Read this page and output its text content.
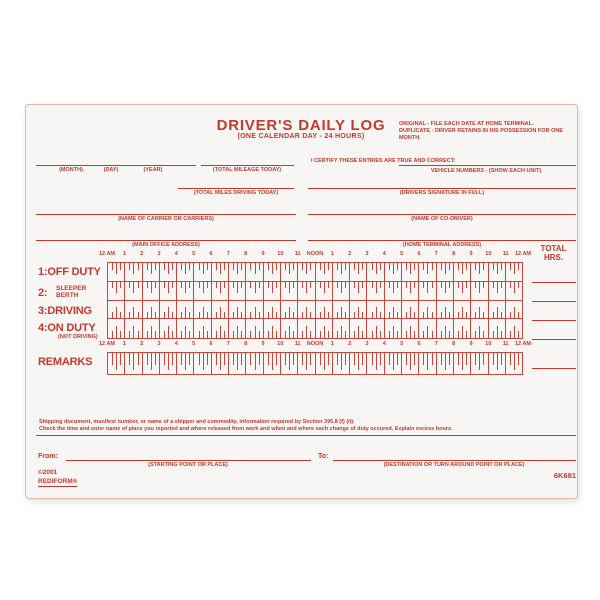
DRIVER'S DAILY LOG
(ONE CALENDAR DAY - 24 HOURS)
ORIGINAL - FILE EACH DATE AT HOME TERMINAL.
DUPLICATE - DRIVER RETAINS IN HIS POSSESSION FOR ONE MONTH.
(MONTH)	(DAY)	(YEAR)	(TOTAL MILEAGE TODAY)
I CERTIFY THESE ENTRIES ARE TRUE AND CORRECT:
VEHICLE NUMBERS - (SHOW EACH UNIT)
(TOTAL MILES DRIVING TODAY)	(DRIVERS SIGNATURE IN FULL)
(NAME OF CARRIER OR CARRIERS)	(NAME OF CO-DRIVER)
(MAIN OFFICE ADDRESS)	(HOME TERMINAL ADDRESS)	TOTAL
HRS.
12 AM 1	2	3	4	5	6	7	8	9 10 11 NOON 1	2	3	4	5	6	7	8	9 10 11 12 AM
12 AM 1	2	3	4	5	6	7	8	9 10 11 NOON 1	2	3	4	5	6	7	8	9 10 11 12 AM
1:OFF DUTY
2: SLEEPER
BERTH
3:DRIVING
4:ON DUTY
(NOT DRIVING)
REMARKS
Shipping document, manifest number, or name of a shipper and commodity, information required by Section 395.8 (f) (ii).
Check the time and enter name of place you reported and where released from work and when and where each change of duty occured. Explain excess hours.
From:
(STARTING POINT OR PLACE)
To:
(DESTINATION OR TURN AROUND POINT OR PLACE)
©2001
REDIFORM®
6K681
